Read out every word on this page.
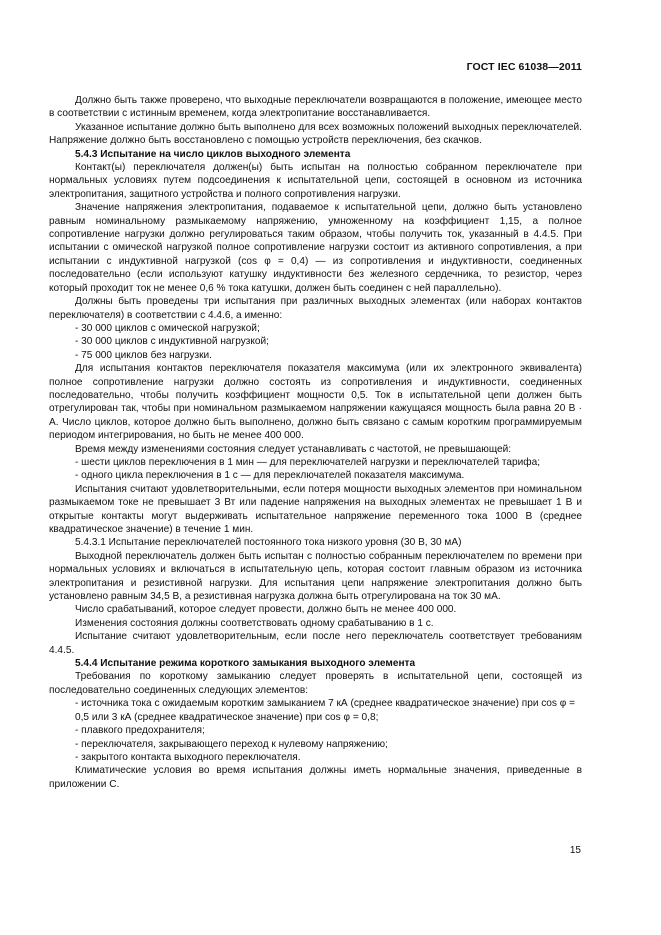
ГОСТ IEC 61038—2011

Должно быть также проверено, что выходные переключатели возвращаются в положение, имеющее место в соответствии с истинным временем, когда электропитание восстанавливается.

Указанное испытание должно быть выполнено для всех возможных положений выходных переключателей. Напряжение должно быть восстановлено с помощью устройств переключения, без скачков.

5.4.3 Испытание на число циклов выходного элемента

Контакт(ы) переключателя должен(ы) быть испытан на полностью собранном переключателе при нормальных условиях путем подсоединения к испытательной цепи, состоящей в основном из источника электропитания, защитного устройства и полного сопротивления нагрузки.

Значение напряжения электропитания, подаваемое к испытательной цепи, должно быть установлено равным номинальному размыкаемому напряжению, умноженному на коэффициент 1,15, а полное сопротивление нагрузки должно регулироваться таким образом, чтобы получить ток, указанный в 4.4.5. При испытании с омической нагрузкой полное сопротивление нагрузки состоит из активного сопротивления, а при испытании с индуктивной нагрузкой (cos φ = 0,4) — из сопротивления и индуктивности, соединенных последовательно (если используют катушку индуктивности без железного сердечника, то резистор, через который проходит ток не менее 0,6 % тока катушки, должен быть соединен с ней параллельно).

Должны быть проведены три испытания при различных выходных элементах (или наборах контактов переключателя) в соответствии с 4.4.6, а именно:

- 30 000 циклов с омической нагрузкой;

- 30 000 циклов с индуктивной нагрузкой;

- 75 000 циклов без нагрузки.

Для испытания контактов переключателя показателя максимума (или их электронного эквивалента) полное сопротивление нагрузки должно состоять из сопротивления и индуктивности, соединенных последовательно, чтобы получить коэффициент мощности 0,5. Ток в испытательной цепи должен быть отрегулирован так, чтобы при номинальном размыкаемом напряжении кажущаяся мощность была равна 20 В · А. Число циклов, которое должно быть выполнено, должно быть связано с самым коротким программируемым периодом интегрирования, но быть не менее 400 000.

Время между изменениями состояния следует устанавливать с частотой, не превышающей:

- шести циклов переключения в 1 мин — для переключателей нагрузки и переключателей тарифа;

- одного цикла переключения в 1 с — для переключателей показателя максимума.

Испытания считают удовлетворительными, если потеря мощности выходных элементов при номинальном размыкаемом токе не превышает 3 Вт или падение напряжения на выходных элементах не превышает 1 В и открытые контакты могут выдерживать испытательное напряжение переменного тока 1000 В (среднее квадратическое значение) в течение 1 мин.

5.4.3.1 Испытание переключателей постоянного тока низкого уровня (30 В, 30 мА)

Выходной переключатель должен быть испытан с полностью собранным переключателем по времени при нормальных условиях и включаться в испытательную цепь, которая состоит главным образом из источника электропитания и резистивной нагрузки. Для испытания цепи напряжение электропитания должно быть установлено равным 34,5 В, а резистивная нагрузка должна быть отрегулирована на ток 30 мА.

Число срабатываний, которое следует провести, должно быть не менее 400 000.

Изменения состояния должны соответствовать одному срабатыванию в 1 с.

Испытание считают удовлетворительным, если после него переключатель соответствует требованиям 4.4.5.

5.4.4 Испытание режима короткого замыкания выходного элемента

Требования по короткому замыканию следует проверять в испытательной цепи, состоящей из последовательно соединенных следующих элементов:

- источника тока с ожидаемым коротким замыканием 7 кА (среднее квадратическое значение) при cos φ = 0,5 или 3 кА (среднее квадратическое значение) при cos φ = 0,8;

- плавкого предохранителя;

- переключателя, закрывающего переход к нулевому напряжению;

- закрытого контакта выходного переключателя.

Климатические условия во время испытания должны иметь нормальные значения, приведенные в приложении С.

15
